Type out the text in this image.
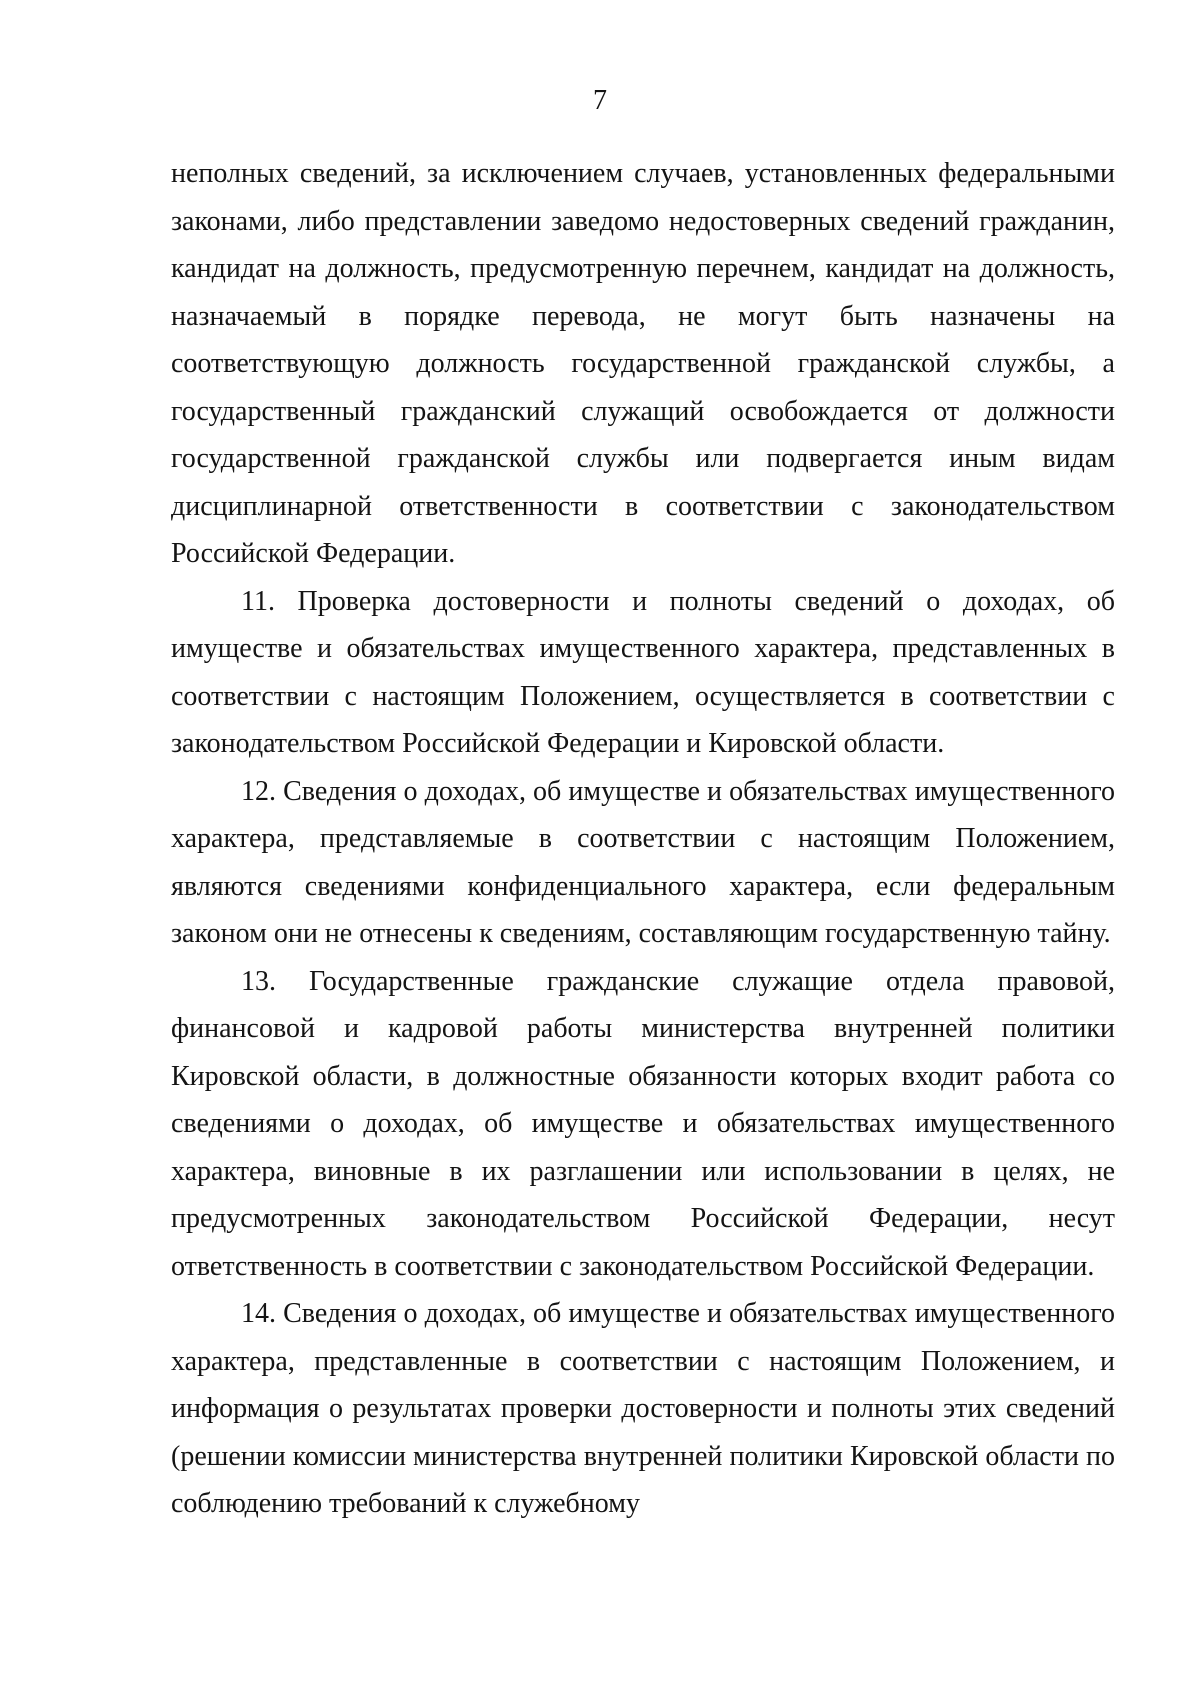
7

неполных сведений, за исключением случаев, установленных федеральными законами, либо представлении заведомо недостоверных сведений гражданин, кандидат на должность, предусмотренную перечнем, кандидат на должность, назначаемый в порядке перевода, не могут быть назначены на соответствующую должность государственной гражданской службы, а государственный гражданский служащий освобождается от должности государственной гражданской службы или подвергается иным видам дисциплинарной ответственности в соответствии с законодательством Российской Федерации.

11. Проверка достоверности и полноты сведений о доходах, об имуществе и обязательствах имущественного характера, представленных в соответствии с настоящим Положением, осуществляется в соответствии с законодательством Российской Федерации и Кировской области.

12. Сведения о доходах, об имуществе и обязательствах имущественного характера, представляемые в соответствии с настоящим Положением, являются сведениями конфиденциального характера, если федеральным законом они не отнесены к сведениям, составляющим государственную тайну.

13. Государственные гражданские служащие отдела правовой, финансовой и кадровой работы министерства внутренней политики Кировской области, в должностные обязанности которых входит работа со сведениями о доходах, об имуществе и обязательствах имущественного характера, виновные в их разглашении или использовании в целях, не предусмотренных законодательством Российской Федерации, несут ответственность в соответствии с законодательством Российской Федерации.

14. Сведения о доходах, об имуществе и обязательствах имущественного характера, представленные в соответствии с настоящим Положением, и информация о результатах проверки достоверности и полноты этих сведений (решении комиссии министерства внутренней политики Кировской области по соблюдению требований к служебному
